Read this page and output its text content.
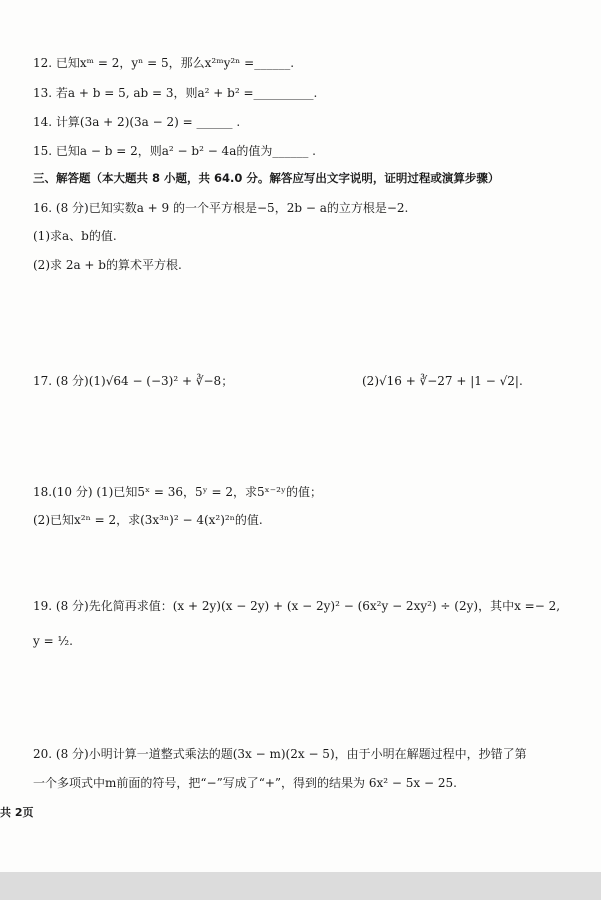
12. 已知xᵐ = 2，yⁿ = 5，那么x²ᵐy²ⁿ =______.
13. 若a + b = 5, ab = 3，则a² + b² =__________.
14. 计算(3a + 2)(3a − 2) = ______ .
15. 已知a − b = 2，则a² − b² − 4a的值为______ .
三、解答题（本大题共 8 小题，共 64.0 分。解答应写出文字说明，证明过程或演算步骤）
16. (8 分)已知实数a + 9 的一个平方根是−5，2b − a的立方根是−2.
(1)求a、b的值.
(2)求 2a + b的算术平方根.
17. (8 分)(1)√64 − (−3)² + ∛−8；	(2)√16 + ∛−27 + |1 − √2|.
18.(10 分) (1)已知5ˣ = 36，5ʸ = 2，求5ˣ⁻²ʸ的值；
(2)已知x²ⁿ = 2，求(3x³ⁿ)² − 4(x²)²ⁿ的值.
19. (8 分)先化简再求值：(x + 2y)(x − 2y) + (x − 2y)² − (6x²y − 2xy²) ÷ (2y)，其中x =− 2,
y = ½.
20. (8 分)小明计算一道整式乘法的题(3x − m)(2x − 5)，由于小明在解题过程中，抄错了第
一个多项式中m前面的符号，把“−”写成了“+”，得到的结果为 6x² − 5x − 25.
共 2页
